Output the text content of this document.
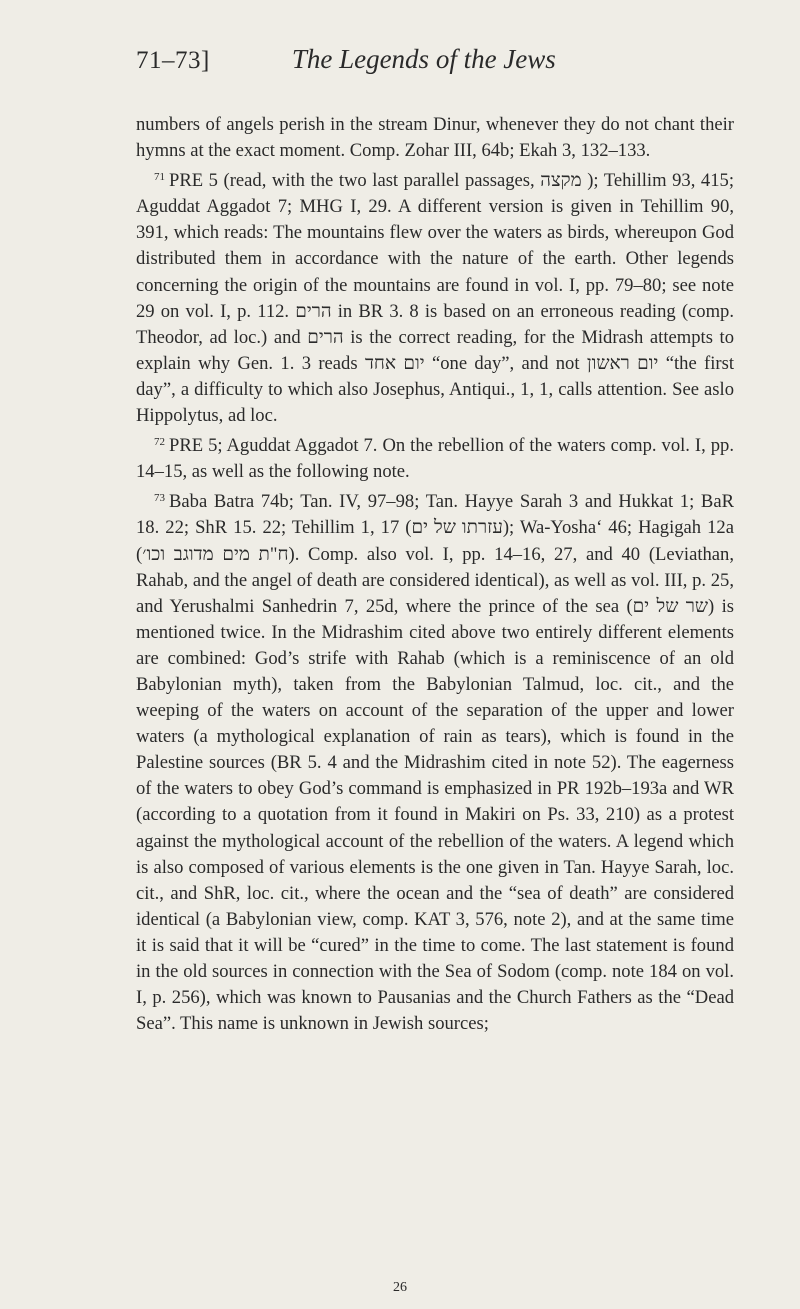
71–73]	The Legends of the Jews

numbers of angels perish in the stream Dinur, whenever they do not chant their hymns at the exact moment. Comp. Zohar III, 64b; Ekah 3, 132–133.

$^{71}$ PRE 5 (read, with the two last parallel passages, מקצה ); Tehillim 93, 415; Aguddat Aggadot 7; MHG I, 29. A different version is given in Tehillim 90, 391, which reads: The mountains flew over the waters as birds, whereupon God distributed them in accordance with the nature of the earth. Other legends concerning the origin of the mountains are found in vol. I, pp. 79–80; see note 29 on vol. I, p. 112. הרים in BR 3. 8 is based on an erroneous reading (comp. Theodor, ad loc.) and הרים is the correct reading, for the Midrash attempts to explain why Gen. 1. 3 reads יום אחד “one day”, and not יום ראשון “the first day”, a difficulty to which also Josephus, Antiqui., 1, 1, calls attention. See aslo Hippolytus, ad loc.

$^{72}$ PRE 5; Aguddat Aggadot 7. On the rebellion of the waters comp. vol. I, pp. 14–15, as well as the following note.

$^{73}$ Baba Batra 74b; Tan. IV, 97–98; Tan. Hayye Sarah 3 and Hukkat 1; BaR 18. 22; ShR 15. 22; Tehillim 1, 17 (עזרתו של ים); Wa-Yosha‘ 46; Hagigah 12a (ח"ת מים מדוגב וכו׳). Comp. also vol. I, pp. 14–16, 27, and 40 (Leviathan, Rahab, and the angel of death are considered identical), as well as vol. III, p. 25, and Yerushalmi Sanhedrin 7, 25d, where the prince of the sea (שר של ים) is mentioned twice. In the Midrashim cited above two entirely different elements are combined: God’s strife with Rahab (which is a reminiscence of an old Babylonian myth), taken from the Babylonian Talmud, loc. cit., and the weeping of the waters on account of the separation of the upper and lower waters (a mythological explanation of rain as tears), which is found in the Palestine sources (BR 5. 4 and the Midrashim cited in note 52). The eagerness of the waters to obey God’s command is emphasized in PR 192b–193a and WR (according to a quotation from it found in Makiri on Ps. 33, 210) as a protest against the mythological account of the rebellion of the waters. A legend which is also composed of various elements is the one given in Tan. Hayye Sarah, loc. cit., and ShR, loc. cit., where the ocean and the “sea of death” are considered identical (a Babylonian view, comp. KAT 3, 576, note 2), and at the same time it is said that it will be “cured” in the time to come. The last statement is found in the old sources in connection with the Sea of Sodom (comp. note 184 on vol. I, p. 256), which was known to Pausanias and the Church Fathers as the “Dead Sea”. This name is unknown in Jewish sources;

26
